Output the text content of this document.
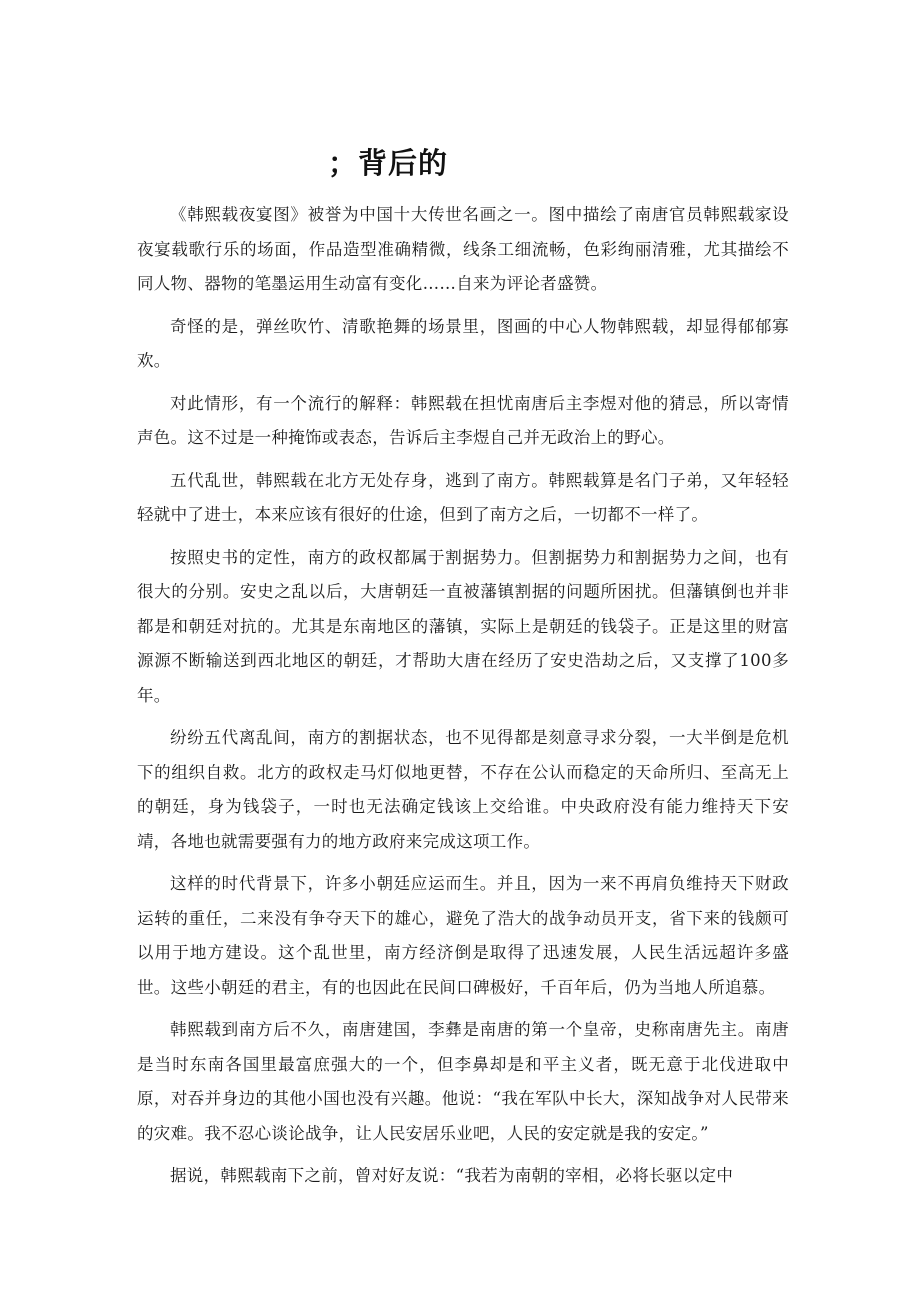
；背后的

《韩熙载夜宴图》被誉为中国十大传世名画之一。图中描绘了南唐官员韩熙载家设夜宴载歌行乐的场面，作品造型准确精微，线条工细流畅，色彩绚丽清雅，尤其描绘不同人物、器物的笔墨运用生动富有变化……自来为评论者盛赞。

奇怪的是，弹丝吹竹、清歌艳舞的场景里，图画的中心人物韩熙载，却显得郁郁寡欢。

对此情形，有一个流行的解释：韩熙载在担忧南唐后主李煜对他的猜忌，所以寄情声色。这不过是一种掩饰或表态，告诉后主李煜自己并无政治上的野心。

五代乱世，韩熙载在北方无处存身，逃到了南方。韩熙载算是名门子弟，又年轻轻轻就中了进士，本来应该有很好的仕途，但到了南方之后，一切都不一样了。

按照史书的定性，南方的政权都属于割据势力。但割据势力和割据势力之间，也有很大的分别。安史之乱以后，大唐朝廷一直被藩镇割据的问题所困扰。但藩镇倒也并非都是和朝廷对抗的。尤其是东南地区的藩镇，实际上是朝廷的钱袋子。正是这里的财富源源不断输送到西北地区的朝廷，才帮助大唐在经历了安史浩劫之后，又支撑了100多年。

纷纷五代离乱间，南方的割据状态，也不见得都是刻意寻求分裂，一大半倒是危机下的组织自救。北方的政权走马灯似地更替，不存在公认而稳定的天命所归、至高无上的朝廷，身为钱袋子，一时也无法确定钱该上交给谁。中央政府没有能力维持天下安靖，各地也就需要强有力的地方政府来完成这项工作。

这样的时代背景下，许多小朝廷应运而生。并且，因为一来不再肩负维持天下财政运转的重任，二来没有争夺天下的雄心，避免了浩大的战争动员开支，省下来的钱颇可以用于地方建设。这个乱世里，南方经济倒是取得了迅速发展，人民生活远超许多盛世。这些小朝廷的君主，有的也因此在民间口碑极好，千百年后，仍为当地人所追慕。

韩熙载到南方后不久，南唐建国，李彝是南唐的第一个皇帝，史称南唐先主。南唐是当时东南各国里最富庶强大的一个，但李鼻却是和平主义者，既无意于北伐进取中原，对吞并身边的其他小国也没有兴趣。他说：“我在军队中长大，深知战争对人民带来的灾难。我不忍心谈论战争，让人民安居乐业吧，人民的安定就是我的安定。”

据说，韩熙载南下之前，曾对好友说：“我若为南朝的宰相，必将长驱以定中
